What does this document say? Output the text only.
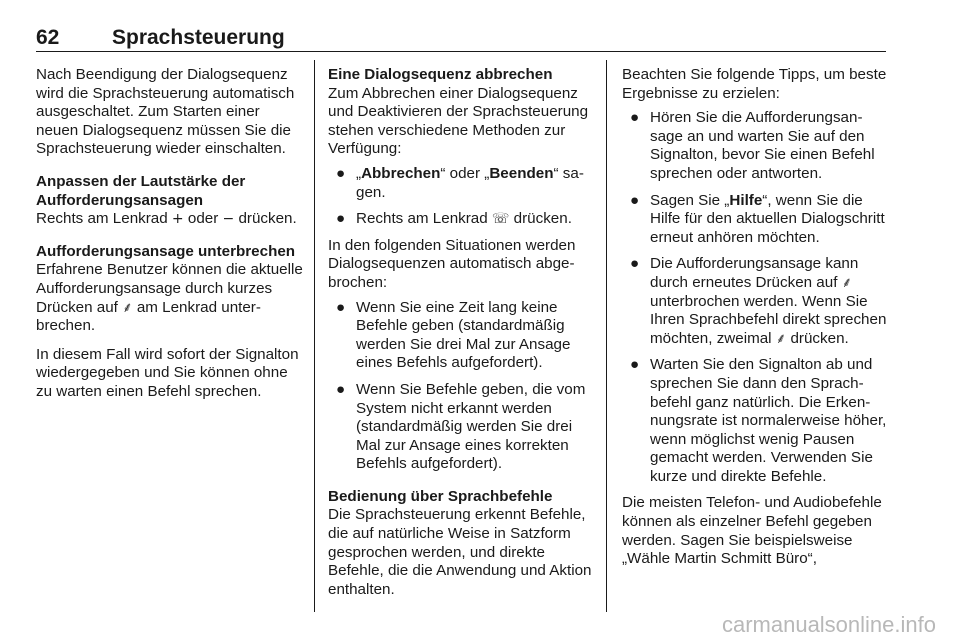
62	Sprachsteuerung

Nach Beendigung der Dialogsequenz wird die Sprachsteuerung automatisch ausgeschaltet. Zum Starten einer neuen Dialogsequenz müssen Sie die Sprachsteuerung wieder einschalten.

Anpassen der Lautstärke der Aufforderungsansagen
Rechts am Lenkrad + oder − drücken.
Aufforderungsansage unterbrechen
Erfahrene Benutzer können die aktuelle Aufforderungsansage durch kurzes Drücken auf ⸙ am Lenkrad unterbrechen.

In diesem Fall wird sofort der Signalton wiedergegeben und Sie können ohne zu warten einen Befehl sprechen.

Eine Dialogsequenz abbrechen
Zum Abbrechen einer Dialogsequenz und Deaktivieren der Sprachsteuerung stehen verschiedene Methoden zur Verfügung:
● „Abbrechen“ oder „Beenden“ sagen.
● Rechts am Lenkrad ☏ drücken.

In den folgenden Situationen werden Dialogsequenzen automatisch abgebrochen:

● Wenn Sie eine Zeit lang keine Befehle geben (standardmäßig werden Sie drei Mal zur Ansage eines Befehls aufgefordert).
● Wenn Sie Befehle geben, die vom System nicht erkannt werden (standardmäßig werden Sie drei Mal zur Ansage eines korrekten Befehls aufgefordert).
Bedienung über Sprachbefehle
Die Sprachsteuerung erkennt Befehle, die auf natürliche Weise in Satzform gesprochen werden, und direkte Befehle, die die Anwendung und Aktion enthalten.

Beachten Sie folgende Tipps, um beste Ergebnisse zu erzielen:

● Hören Sie die Aufforderungsansage an und warten Sie auf den Signalton, bevor Sie einen Befehl sprechen oder antworten.
● Sagen Sie „Hilfe“, wenn Sie die Hilfe für den aktuellen Dialogschritt erneut anhören möchten.
● Die Aufforderungsansage kann durch erneutes Drücken auf ⸙ unterbrochen werden. Wenn Sie Ihren Sprachbefehl direkt sprechen möchten, zweimal ⸙ drücken.
● Warten Sie den Signalton ab und sprechen Sie dann den Sprachbefehl ganz natürlich. Die Erkennungsrate ist normalerweise höher, wenn möglichst wenig Pausen gemacht werden. Verwenden Sie kurze und direkte Befehle.

Die meisten Telefon- und Audiobefehle können als einzelner Befehl gegeben werden. Sagen Sie beispielsweise „Wähle Martin Schmitt Büro“,

carmanualsonline.info
